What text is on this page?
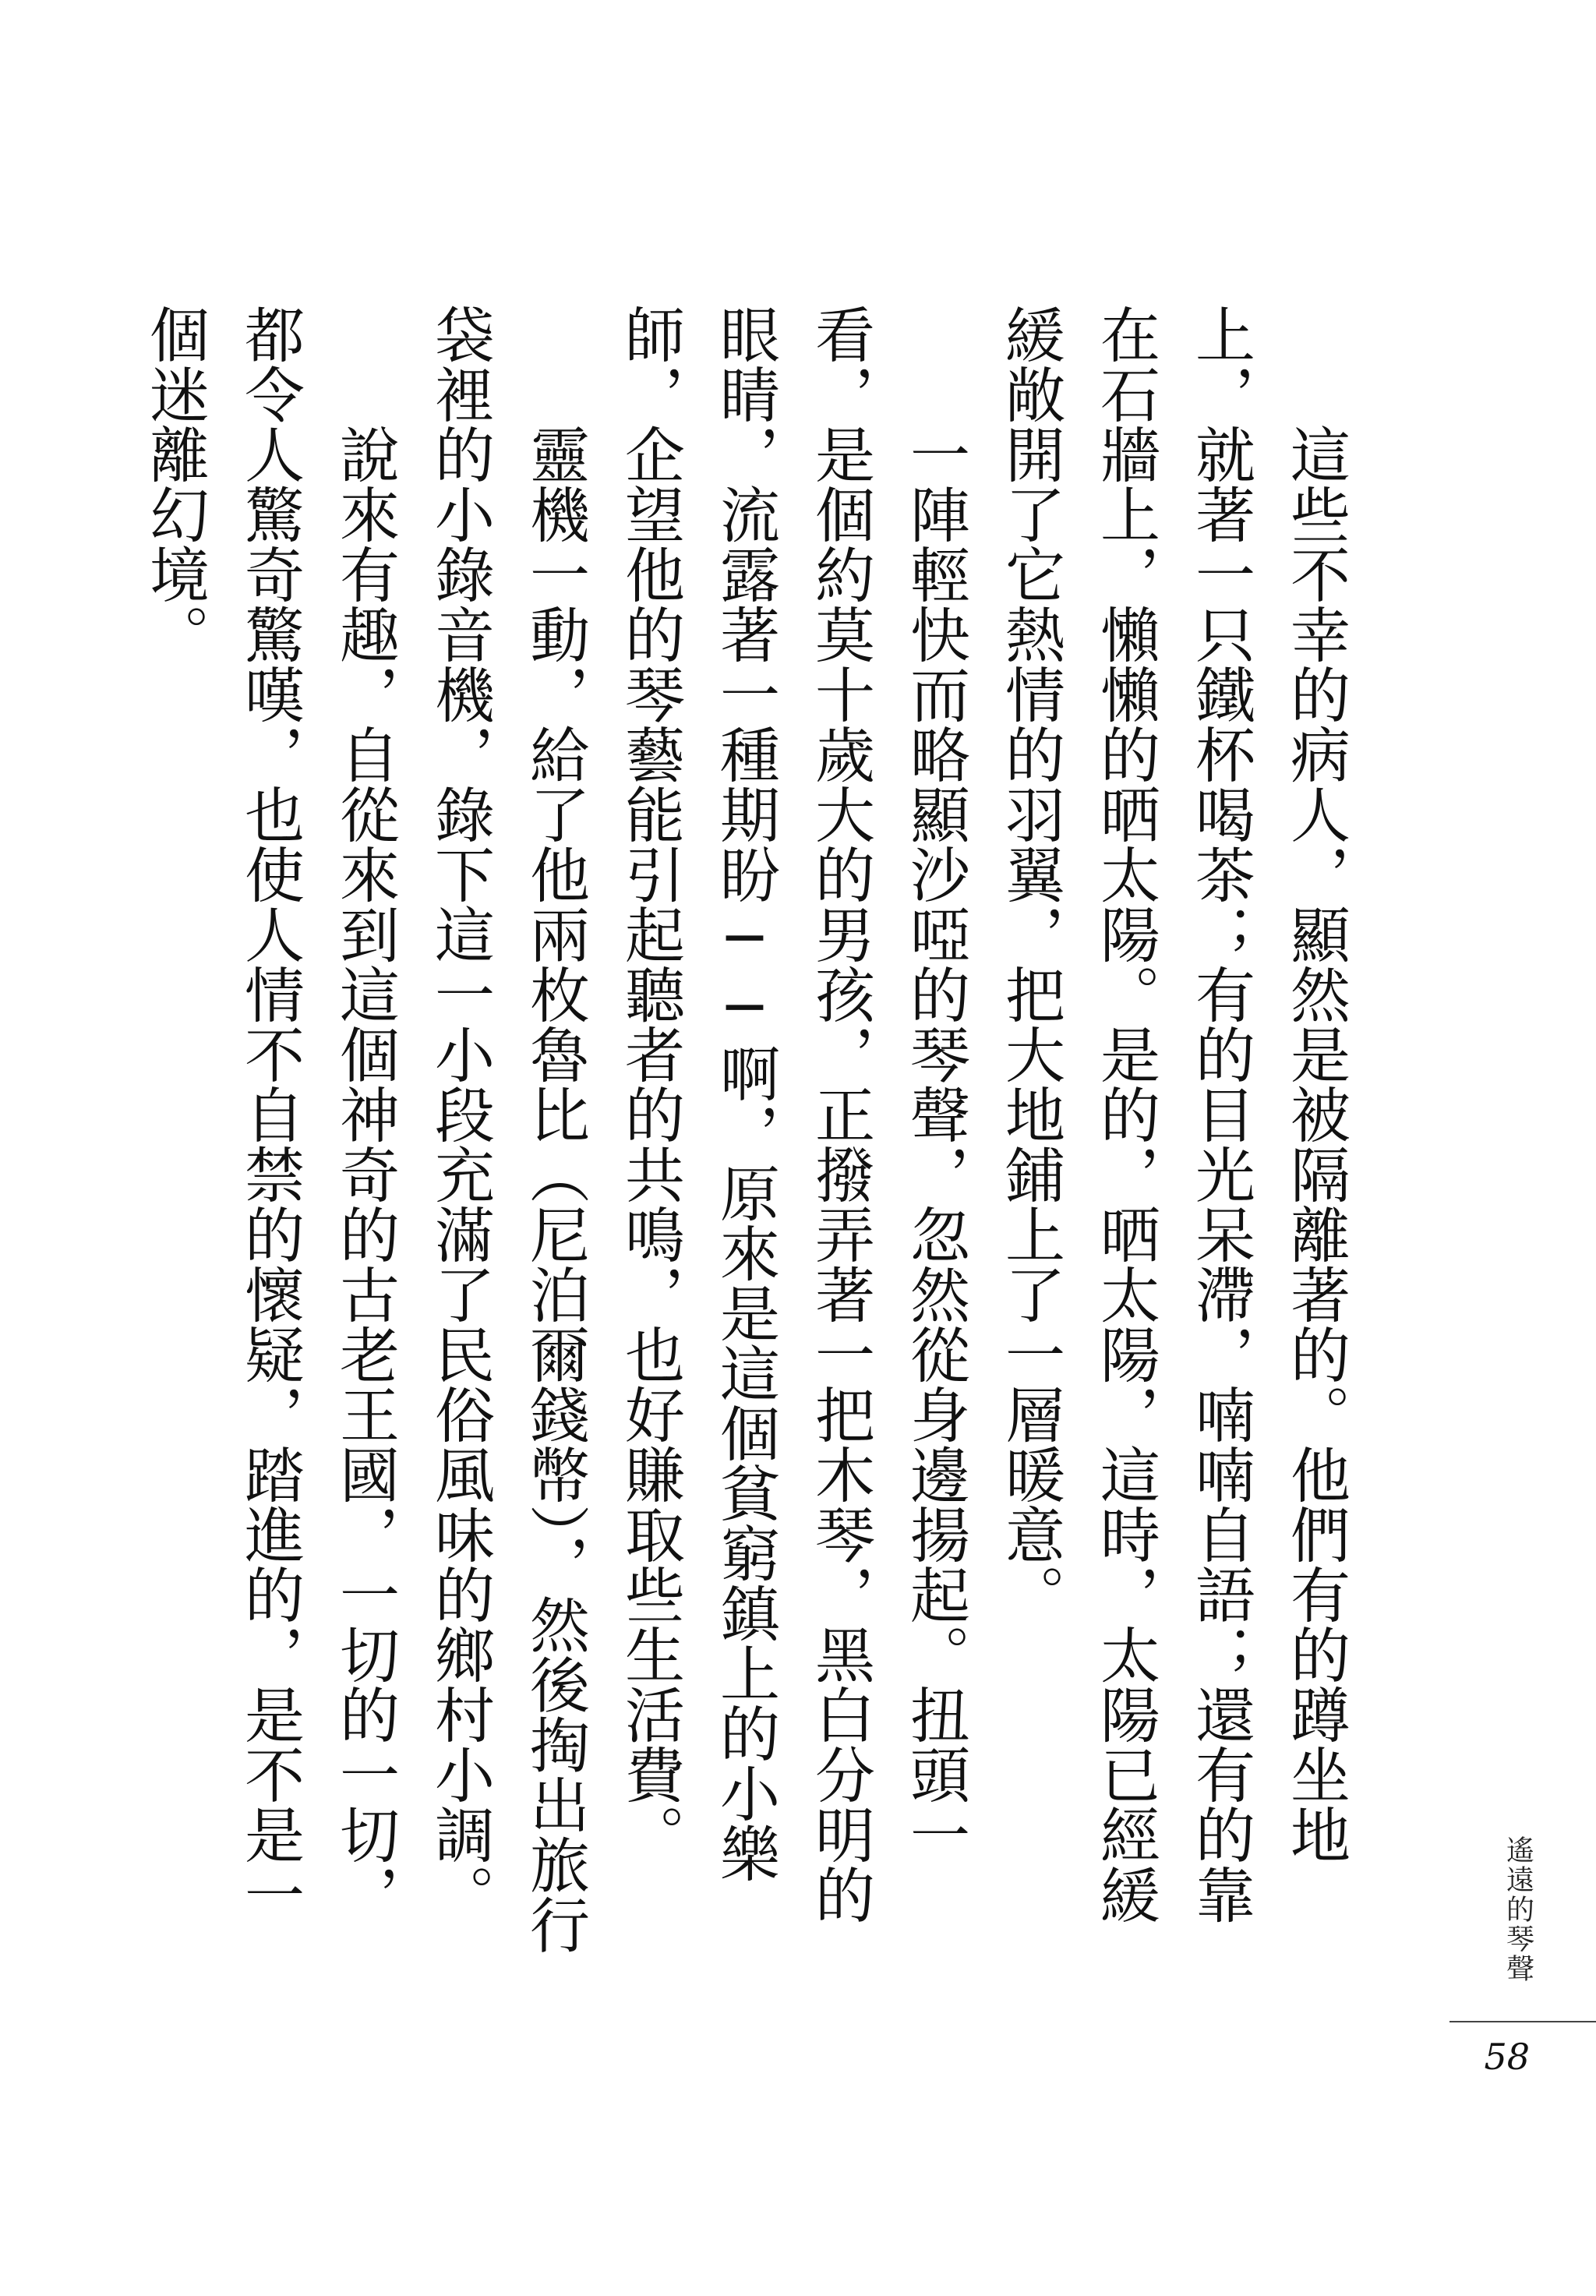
這些不幸的病人，顯然是被隔離著的。他們有的蹲坐地上，就著一只鐵杯喝茶；有的目光呆滯，喃喃自語；還有的靠在石牆上，懶懶的晒太陽。是的，晒太陽，這時，太陽已經緩緩敞開了它熱情的羽翼，把大地鋪上了一層暖意。

一陣輕快而略顯沙啞的琴聲，忽然從身邊揚起。扭頭一看，是個約莫十歲大的男孩，正撥弄著一把木琴，黑白分明的眼睛，流露著一種期盼──啊，原來是這個貧窮鎮上的小樂師，企望他的琴藝能引起聽者的共鳴，也好賺取些生活費。

靈機一動，給了他兩枚魯比（尼泊爾錢幣），然後掏出旅行袋裡的小錄音機，錄下這一小段充滿了民俗風味的鄉村小調。

說來有趣，自從來到這個神奇的古老王國，一切的一切，都令人驚奇驚嘆，也使人情不自禁的懷疑，踏進的，是不是一個迷離幻境。

遙遠的琴聲
58
